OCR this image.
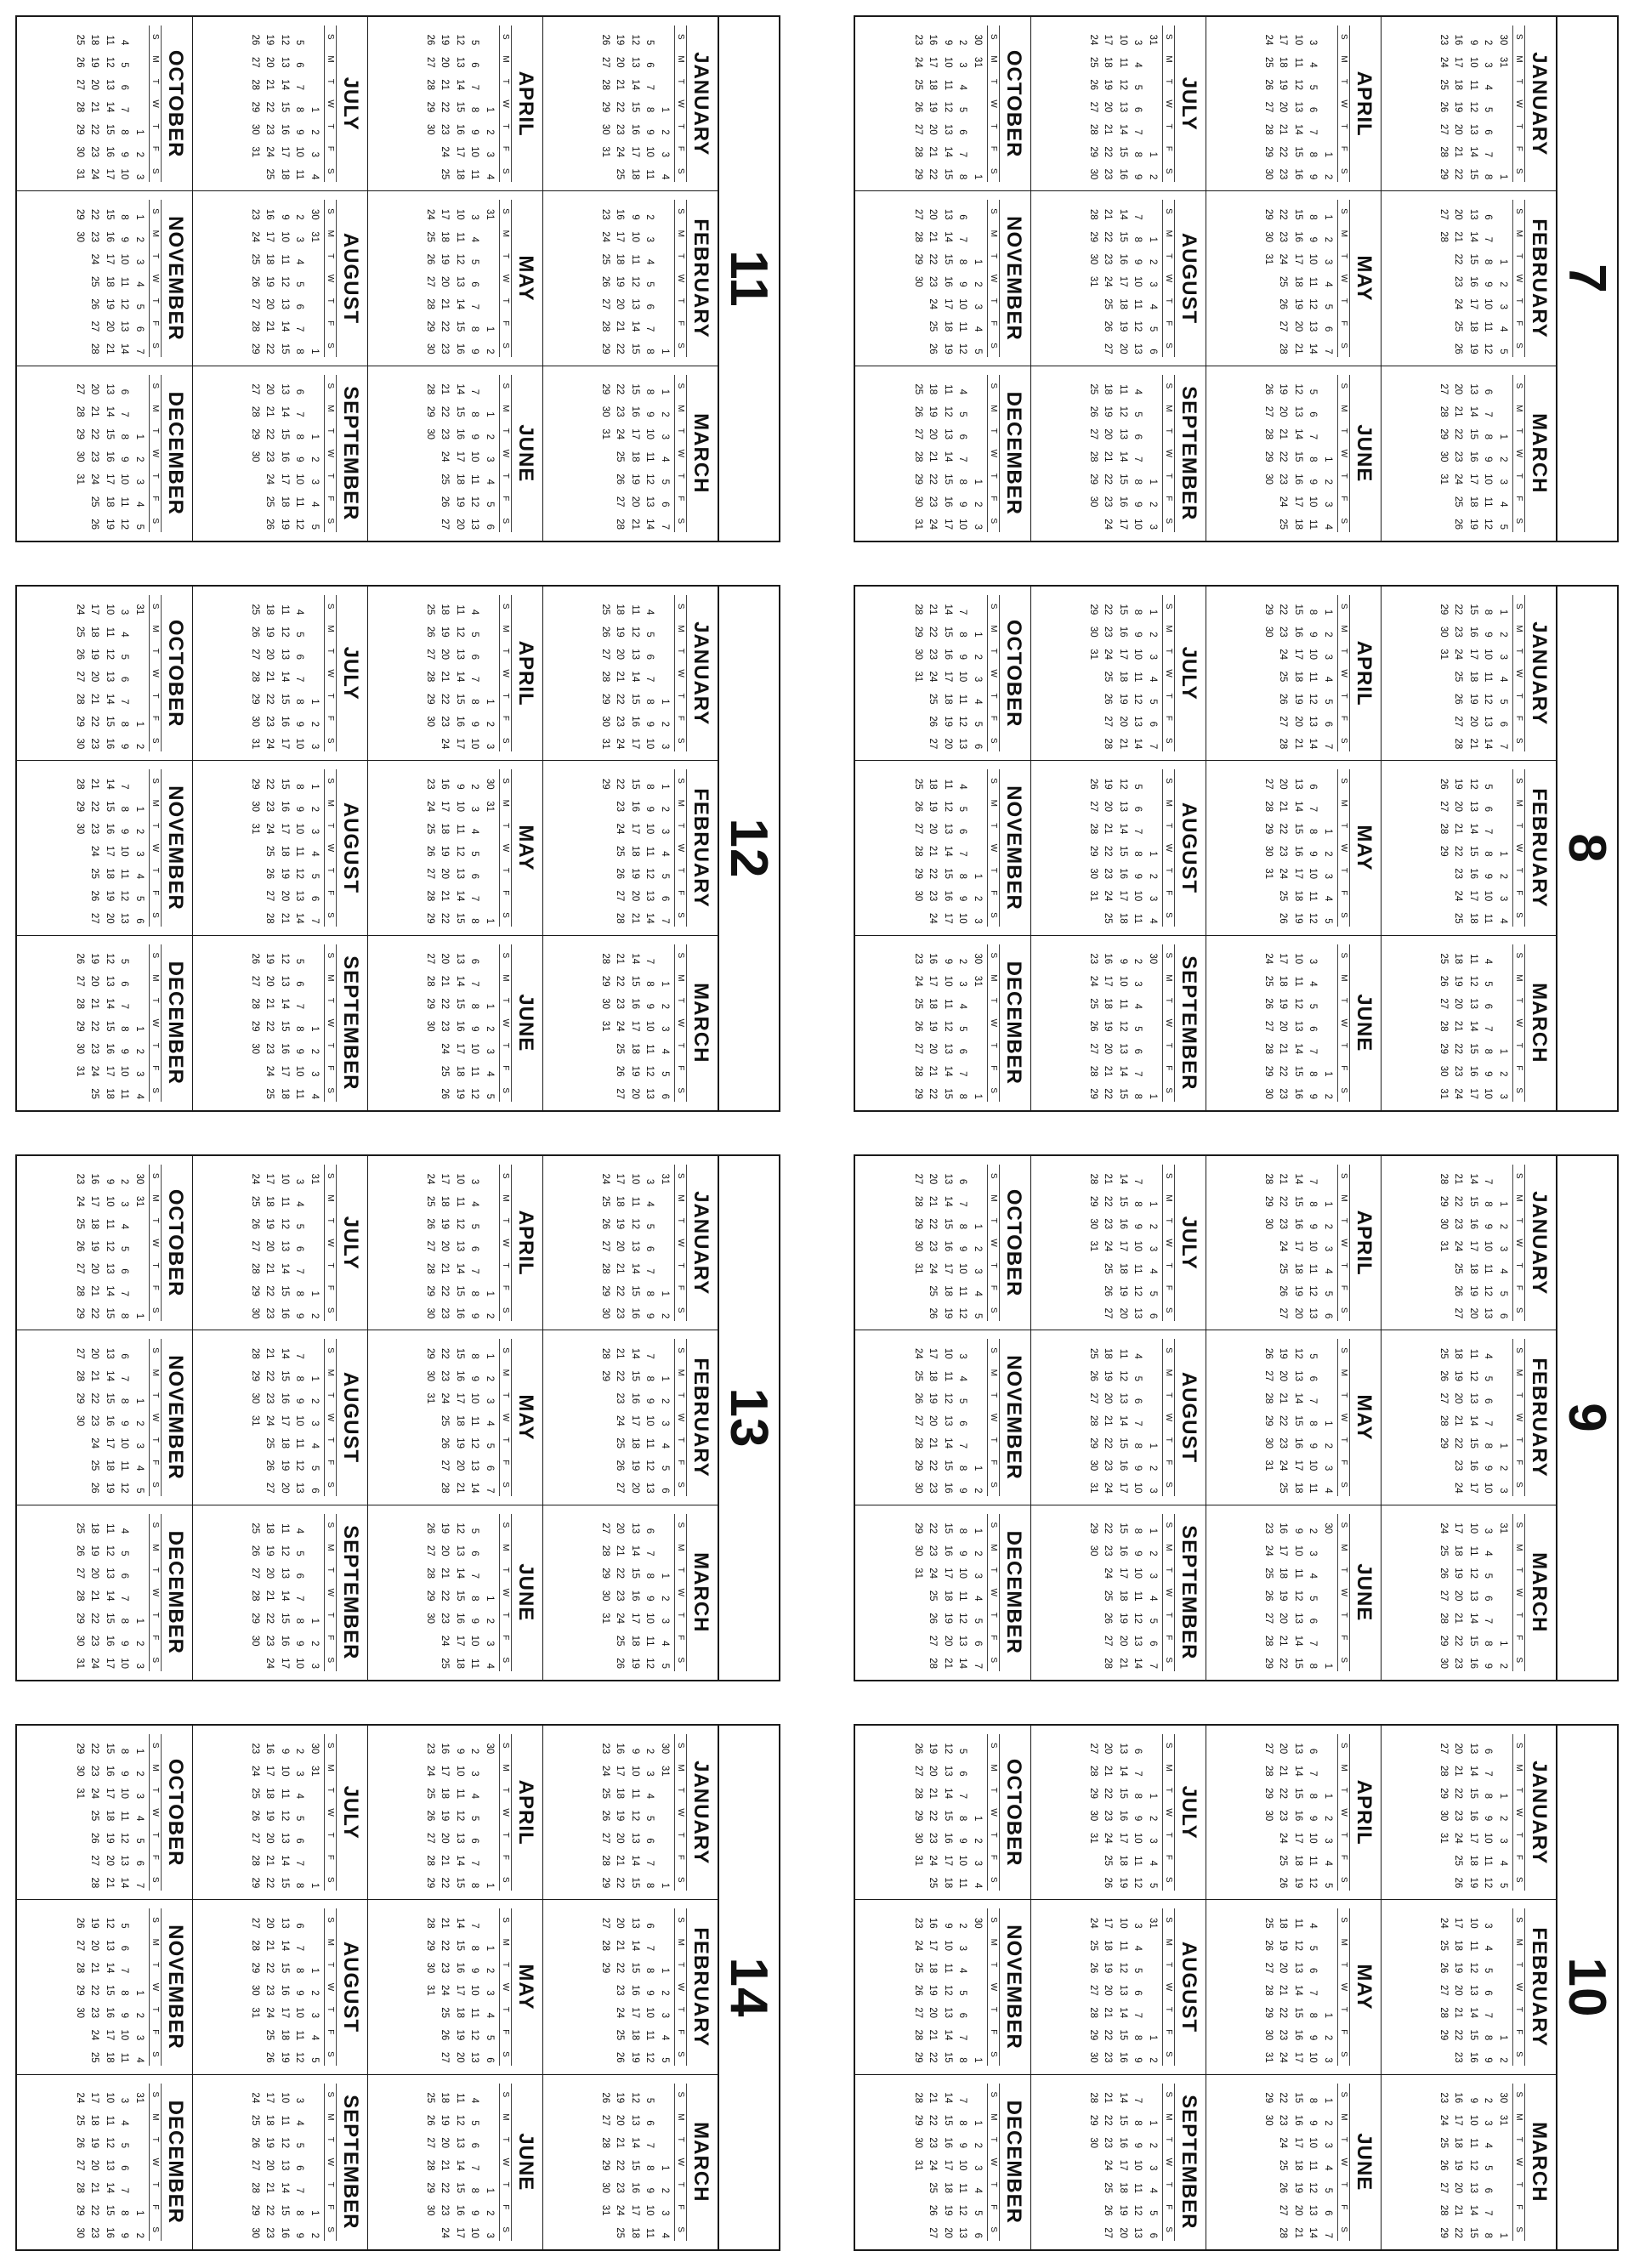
7
JANUARY
S
M
T
W
T
F
S
30
31
1
2
3
4
5
6
7
8
9
10
11
12
13
14
15
16
17
18
19
20
21
22
23
24
25
26
27
28
29
FEBRUARY
S
M
T
W
T
F
S
1
2
3
4
5
6
7
8
9
10
11
12
13
14
15
16
17
18
19
20
21
22
23
24
25
26
27
28
MARCH
S
M
T
W
T
F
S
1
2
3
4
5
6
7
8
9
10
11
12
13
14
15
16
17
18
19
20
21
22
23
24
25
26
27
28
29
30
31
APRIL
S
M
T
W
T
F
S
1
2
3
4
5
6
7
8
9
10
11
12
13
14
15
16
17
18
19
20
21
22
23
24
25
26
27
28
29
30
MAY
S
M
T
W
T
F
S
1
2
3
4
5
6
7
8
9
10
11
12
13
14
15
16
17
18
19
20
21
22
23
24
25
26
27
28
29
30
31
JUNE
S
M
T
W
T
F
S
1
2
3
4
5
6
7
8
9
10
11
12
13
14
15
16
17
18
19
20
21
22
23
24
25
26
27
28
29
30
JULY
S
M
T
W
T
F
S
31
1
2
3
4
5
6
7
8
9
10
11
12
13
14
15
16
17
18
19
20
21
22
23
24
25
26
27
28
29
30
AUGUST
S
M
T
W
T
F
S
1
2
3
4
5
6
7
8
9
10
11
12
13
14
15
16
17
18
19
20
21
22
23
24
25
26
27
28
29
30
31
SEPTEMBER
S
M
T
W
T
F
S
1
2
3
4
5
6
7
8
9
10
11
12
13
14
15
16
17
18
19
20
21
22
23
24
25
26
27
28
29
30
OCTOBER
S
M
T
W
T
F
S
30
31
1
2
3
4
5
6
7
8
9
10
11
12
13
14
15
16
17
18
19
20
21
22
23
24
25
26
27
28
29
NOVEMBER
S
M
T
W
T
F
S
1
2
3
4
5
6
7
8
9
10
11
12
13
14
15
16
17
18
19
20
21
22
23
24
25
26
27
28
29
30
DECEMBER
S
M
T
W
T
F
S
1
2
3
4
5
6
7
8
9
10
11
12
13
14
15
16
17
18
19
20
21
22
23
24
25
26
27
28
29
30
31
8
JANUARY
S
M
T
W
T
F
S
1
2
3
4
5
6
7
8
9
10
11
12
13
14
15
16
17
18
19
20
21
22
23
24
25
26
27
28
29
30
31
FEBRUARY
S
M
T
W
T
F
S
1
2
3
4
5
6
7
8
9
10
11
12
13
14
15
16
17
18
19
20
21
22
23
24
25
26
27
28
29
MARCH
S
M
T
W
T
F
S
1
2
3
4
5
6
7
8
9
10
11
12
13
14
15
16
17
18
19
20
21
22
23
24
25
26
27
28
29
30
31
APRIL
S
M
T
W
T
F
S
1
2
3
4
5
6
7
8
9
10
11
12
13
14
15
16
17
18
19
20
21
22
23
24
25
26
27
28
29
30
MAY
S
M
T
W
T
F
S
1
2
3
4
5
6
7
8
9
10
11
12
13
14
15
16
17
18
19
20
21
22
23
24
25
26
27
28
29
30
31
JUNE
S
M
T
W
T
F
S
1
2
3
4
5
6
7
8
9
10
11
12
13
14
15
16
17
18
19
20
21
22
23
24
25
26
27
28
29
30
JULY
S
M
T
W
T
F
S
1
2
3
4
5
6
7
8
9
10
11
12
13
14
15
16
17
18
19
20
21
22
23
24
25
26
27
28
29
30
31
AUGUST
S
M
T
W
T
F
S
1
2
3
4
5
6
7
8
9
10
11
12
13
14
15
16
17
18
19
20
21
22
23
24
25
26
27
28
29
30
31
SEPTEMBER
S
M
T
W
T
F
S
30
1
2
3
4
5
6
7
8
9
10
11
12
13
14
15
16
17
18
19
20
21
22
23
24
25
26
27
28
29
OCTOBER
S
M
T
W
T
F
S
1
2
3
4
5
6
7
8
9
10
11
12
13
14
15
16
17
18
19
20
21
22
23
24
25
26
27
28
29
30
31
NOVEMBER
S
M
T
W
T
F
S
1
2
3
4
5
6
7
8
9
10
11
12
13
14
15
16
17
18
19
20
21
22
23
24
25
26
27
28
29
30
DECEMBER
S
M
T
W
T
F
S
30
31
1
2
3
4
5
6
7
8
9
10
11
12
13
14
15
16
17
18
19
20
21
22
23
24
25
26
27
28
29
9
JANUARY
S
M
T
W
T
F
S
1
2
3
4
5
6
7
8
9
10
11
12
13
14
15
16
17
18
19
20
21
22
23
24
25
26
27
28
29
30
31
FEBRUARY
S
M
T
W
T
F
S
1
2
3
4
5
6
7
8
9
10
11
12
13
14
15
16
17
18
19
20
21
22
23
24
25
26
27
28
29
MARCH
S
M
T
W
T
F
S
31
1
2
3
4
5
6
7
8
9
10
11
12
13
14
15
16
17
18
19
20
21
22
23
24
25
26
27
28
29
30
APRIL
S
M
T
W
T
F
S
1
2
3
4
5
6
7
8
9
10
11
12
13
14
15
16
17
18
19
20
21
22
23
24
25
26
27
28
29
30
MAY
S
M
T
W
T
F
S
1
2
3
4
5
6
7
8
9
10
11
12
13
14
15
16
17
18
19
20
21
22
23
24
25
26
27
28
29
30
31
JUNE
S
M
T
W
T
F
S
30
1
2
3
4
5
6
7
8
9
10
11
12
13
14
15
16
17
18
19
20
21
22
23
24
25
26
27
28
29
JULY
S
M
T
W
T
F
S
1
2
3
4
5
6
7
8
9
10
11
12
13
14
15
16
17
18
19
20
21
22
23
24
25
26
27
28
29
30
31
AUGUST
S
M
T
W
T
F
S
1
2
3
4
5
6
7
8
9
10
11
12
13
14
15
16
17
18
19
20
21
22
23
24
25
26
27
28
29
30
31
SEPTEMBER
S
M
T
W
T
F
S
1
2
3
4
5
6
7
8
9
10
11
12
13
14
15
16
17
18
19
20
21
22
23
24
25
26
27
28
29
30
OCTOBER
S
M
T
W
T
F
S
1
2
3
4
5
6
7
8
9
10
11
12
13
14
15
16
17
18
19
20
21
22
23
24
25
26
27
28
29
30
31
NOVEMBER
S
M
T
W
T
F
S
1
2
3
4
5
6
7
8
9
10
11
12
13
14
15
16
17
18
19
20
21
22
23
24
25
26
27
28
29
30
DECEMBER
S
M
T
W
T
F
S
1
2
3
4
5
6
7
8
9
10
11
12
13
14
15
16
17
18
19
20
21
22
23
24
25
26
27
28
29
30
31
10
JANUARY
S
M
T
W
T
F
S
1
2
3
4
5
6
7
8
9
10
11
12
13
14
15
16
17
18
19
20
21
22
23
24
25
26
27
28
29
30
31
FEBRUARY
S
M
T
W
T
F
S
1
2
3
4
5
6
7
8
9
10
11
12
13
14
15
16
17
18
19
20
21
22
23
24
25
26
27
28
29
MARCH
S
M
T
W
T
F
S
30
31
1
2
3
4
5
6
7
8
9
10
11
12
13
14
15
16
17
18
19
20
21
22
23
24
25
26
27
28
29
APRIL
S
M
T
W
T
F
S
1
2
3
4
5
6
7
8
9
10
11
12
13
14
15
16
17
18
19
20
21
22
23
24
25
26
27
28
29
30
MAY
S
M
T
W
T
F
S
1
2
3
4
5
6
7
8
9
10
11
12
13
14
15
16
17
18
19
20
21
22
23
24
25
26
27
28
29
30
31
JUNE
S
M
T
W
T
F
S
1
2
3
4
5
6
7
8
9
10
11
12
13
14
15
16
17
18
19
20
21
22
23
24
25
26
27
28
29
30
JULY
S
M
T
W
T
F
S
1
2
3
4
5
6
7
8
9
10
11
12
13
14
15
16
17
18
19
20
21
22
23
24
25
26
27
28
29
30
31
AUGUST
S
M
T
W
T
F
S
31
1
2
3
4
5
6
7
8
9
10
11
12
13
14
15
16
17
18
19
20
21
22
23
24
25
26
27
28
29
30
SEPTEMBER
S
M
T
W
T
F
S
1
2
3
4
5
6
7
8
9
10
11
12
13
14
15
16
17
18
19
20
21
22
23
24
25
26
27
28
29
30
OCTOBER
S
M
T
W
T
F
S
1
2
3
4
5
6
7
8
9
10
11
12
13
14
15
16
17
18
19
20
21
22
23
24
25
26
27
28
29
30
31
NOVEMBER
S
M
T
W
T
F
S
30
1
2
3
4
5
6
7
8
9
10
11
12
13
14
15
16
17
18
19
20
21
22
23
24
25
26
27
28
29
DECEMBER
S
M
T
W
T
F
S
1
2
3
4
5
6
7
8
9
10
11
12
13
14
15
16
17
18
19
20
21
22
23
24
25
26
27
28
29
30
31
11
JANUARY
S
M
T
W
T
F
S
1
2
3
4
5
6
7
8
9
10
11
12
13
14
15
16
17
18
19
20
21
22
23
24
25
26
27
28
29
30
31
FEBRUARY
S
M
T
W
T
F
S
1
2
3
4
5
6
7
8
9
10
11
12
13
14
15
16
17
18
19
20
21
22
23
24
25
26
27
28
29
MARCH
S
M
T
W
T
F
S
1
2
3
4
5
6
7
8
9
10
11
12
13
14
15
16
17
18
19
20
21
22
23
24
25
26
27
28
29
30
31
APRIL
S
M
T
W
T
F
S
1
2
3
4
5
6
7
8
9
10
11
12
13
14
15
16
17
18
19
20
21
22
23
24
25
26
27
28
29
30
MAY
S
M
T
W
T
F
S
31
1
2
3
4
5
6
7
8
9
10
11
12
13
14
15
16
17
18
19
20
21
22
23
24
25
26
27
28
29
30
JUNE
S
M
T
W
T
F
S
1
2
3
4
5
6
7
8
9
10
11
12
13
14
15
16
17
18
19
20
21
22
23
24
25
26
27
28
29
30
JULY
S
M
T
W
T
F
S
1
2
3
4
5
6
7
8
9
10
11
12
13
14
15
16
17
18
19
20
21
22
23
24
25
26
27
28
29
30
31
AUGUST
S
M
T
W
T
F
S
30
31
1
2
3
4
5
6
7
8
9
10
11
12
13
14
15
16
17
18
19
20
21
22
23
24
25
26
27
28
29
SEPTEMBER
S
M
T
W
T
F
S
1
2
3
4
5
6
7
8
9
10
11
12
13
14
15
16
17
18
19
20
21
22
23
24
25
26
27
28
29
30
OCTOBER
S
M
T
W
T
F
S
1
2
3
4
5
6
7
8
9
10
11
12
13
14
15
16
17
18
19
20
21
22
23
24
25
26
27
28
29
30
31
NOVEMBER
S
M
T
W
T
F
S
1
2
3
4
5
6
7
8
9
10
11
12
13
14
15
16
17
18
19
20
21
22
23
24
25
26
27
28
29
30
DECEMBER
S
M
T
W
T
F
S
1
2
3
4
5
6
7
8
9
10
11
12
13
14
15
16
17
18
19
20
21
22
23
24
25
26
27
28
29
30
31
12
JANUARY
S
M
T
W
T
F
S
1
2
3
4
5
6
7
8
9
10
11
12
13
14
15
16
17
18
19
20
21
22
23
24
25
26
27
28
29
30
31
FEBRUARY
S
M
T
W
T
F
S
1
2
3
4
5
6
7
8
9
10
11
12
13
14
15
16
17
18
19
20
21
22
23
24
25
26
27
28
29
MARCH
S
M
T
W
T
F
S
1
2
3
4
5
6
7
8
9
10
11
12
13
14
15
16
17
18
19
20
21
22
23
24
25
26
27
28
29
30
31
APRIL
S
M
T
W
T
F
S
1
2
3
4
5
6
7
8
9
10
11
12
13
14
15
16
17
18
19
20
21
22
23
24
25
26
27
28
29
30
MAY
S
M
T
W
T
F
S
30
31
1
2
3
4
5
6
7
8
9
10
11
12
13
14
15
16
17
18
19
20
21
22
23
24
25
26
27
28
29
JUNE
S
M
T
W
T
F
S
1
2
3
4
5
6
7
8
9
10
11
12
13
14
15
16
17
18
19
20
21
22
23
24
25
26
27
28
29
30
JULY
S
M
T
W
T
F
S
1
2
3
4
5
6
7
8
9
10
11
12
13
14
15
16
17
18
19
20
21
22
23
24
25
26
27
28
29
30
31
AUGUST
S
M
T
W
T
F
S
1
2
3
4
5
6
7
8
9
10
11
12
13
14
15
16
17
18
19
20
21
22
23
24
25
26
27
28
29
30
31
SEPTEMBER
S
M
T
W
T
F
S
1
2
3
4
5
6
7
8
9
10
11
12
13
14
15
16
17
18
19
20
21
22
23
24
25
26
27
28
29
30
OCTOBER
S
M
T
W
T
F
S
31
1
2
3
4
5
6
7
8
9
10
11
12
13
14
15
16
17
18
19
20
21
22
23
24
25
26
27
28
29
30
NOVEMBER
S
M
T
W
T
F
S
1
2
3
4
5
6
7
8
9
10
11
12
13
14
15
16
17
18
19
20
21
22
23
24
25
26
27
28
29
30
DECEMBER
S
M
T
W
T
F
S
1
2
3
4
5
6
7
8
9
10
11
12
13
14
15
16
17
18
19
20
21
22
23
24
25
26
27
28
29
30
31
13
JANUARY
S
M
T
W
T
F
S
31
1
2
3
4
5
6
7
8
9
10
11
12
13
14
15
16
17
18
19
20
21
22
23
24
25
26
27
28
29
30
FEBRUARY
S
M
T
W
T
F
S
1
2
3
4
5
6
7
8
9
10
11
12
13
14
15
16
17
18
19
20
21
22
23
24
25
26
27
28
29
MARCH
S
M
T
W
T
F
S
1
2
3
4
5
6
7
8
9
10
11
12
13
14
15
16
17
18
19
20
21
22
23
24
25
26
27
28
29
30
31
APRIL
S
M
T
W
T
F
S
1
2
3
4
5
6
7
8
9
10
11
12
13
14
15
16
17
18
19
20
21
22
23
24
25
26
27
28
29
30
MAY
S
M
T
W
T
F
S
1
2
3
4
5
6
7
8
9
10
11
12
13
14
15
16
17
18
19
20
21
22
23
24
25
26
27
28
29
30
31
JUNE
S
M
T
W
T
F
S
1
2
3
4
5
6
7
8
9
10
11
12
13
14
15
16
17
18
19
20
21
22
23
24
25
26
27
28
29
30
JULY
S
M
T
W
T
F
S
31
1
2
3
4
5
6
7
8
9
10
11
12
13
14
15
16
17
18
19
20
21
22
23
24
25
26
27
28
29
30
AUGUST
S
M
T
W
T
F
S
1
2
3
4
5
6
7
8
9
10
11
12
13
14
15
16
17
18
19
20
21
22
23
24
25
26
27
28
29
30
31
SEPTEMBER
S
M
T
W
T
F
S
1
2
3
4
5
6
7
8
9
10
11
12
13
14
15
16
17
18
19
20
21
22
23
24
25
26
27
28
29
30
OCTOBER
S
M
T
W
T
F
S
30
31
1
2
3
4
5
6
7
8
9
10
11
12
13
14
15
16
17
18
19
20
21
22
23
24
25
26
27
28
29
NOVEMBER
S
M
T
W
T
F
S
1
2
3
4
5
6
7
8
9
10
11
12
13
14
15
16
17
18
19
20
21
22
23
24
25
26
27
28
29
30
DECEMBER
S
M
T
W
T
F
S
1
2
3
4
5
6
7
8
9
10
11
12
13
14
15
16
17
18
19
20
21
22
23
24
25
26
27
28
29
30
31
14
JANUARY
S
M
T
W
T
F
S
30
31
1
2
3
4
5
6
7
8
9
10
11
12
13
14
15
16
17
18
19
20
21
22
23
24
25
26
27
28
29
FEBRUARY
S
M
T
W
T
F
S
1
2
3
4
5
6
7
8
9
10
11
12
13
14
15
16
17
18
19
20
21
22
23
24
25
26
27
28
29
MARCH
S
M
T
W
T
F
S
1
2
3
4
5
6
7
8
9
10
11
12
13
14
15
16
17
18
19
20
21
22
23
24
25
26
27
28
29
30
31
APRIL
S
M
T
W
T
F
S
30
1
2
3
4
5
6
7
8
9
10
11
12
13
14
15
16
17
18
19
20
21
22
23
24
25
26
27
28
29
MAY
S
M
T
W
T
F
S
1
2
3
4
5
6
7
8
9
10
11
12
13
14
15
16
17
18
19
20
21
22
23
24
25
26
27
28
29
30
31
JUNE
S
M
T
W
T
F
S
1
2
3
4
5
6
7
8
9
10
11
12
13
14
15
16
17
18
19
20
21
22
23
24
25
26
27
28
29
30
JULY
S
M
T
W
T
F
S
30
31
1
2
3
4
5
6
7
8
9
10
11
12
13
14
15
16
17
18
19
20
21
22
23
24
25
26
27
28
29
AUGUST
S
M
T
W
T
F
S
1
2
3
4
5
6
7
8
9
10
11
12
13
14
15
16
17
18
19
20
21
22
23
24
25
26
27
28
29
30
31
SEPTEMBER
S
M
T
W
T
F
S
1
2
3
4
5
6
7
8
9
10
11
12
13
14
15
16
17
18
19
20
21
22
23
24
25
26
27
28
29
30
OCTOBER
S
M
T
W
T
F
S
1
2
3
4
5
6
7
8
9
10
11
12
13
14
15
16
17
18
19
20
21
22
23
24
25
26
27
28
29
30
31
NOVEMBER
S
M
T
W
T
F
S
1
2
3
4
5
6
7
8
9
10
11
12
13
14
15
16
17
18
19
20
21
22
23
24
25
26
27
28
29
30
DECEMBER
S
M
T
W
T
F
S
31
1
2
3
4
5
6
7
8
9
10
11
12
13
14
15
16
17
18
19
20
21
22
23
24
25
26
27
28
29
30
